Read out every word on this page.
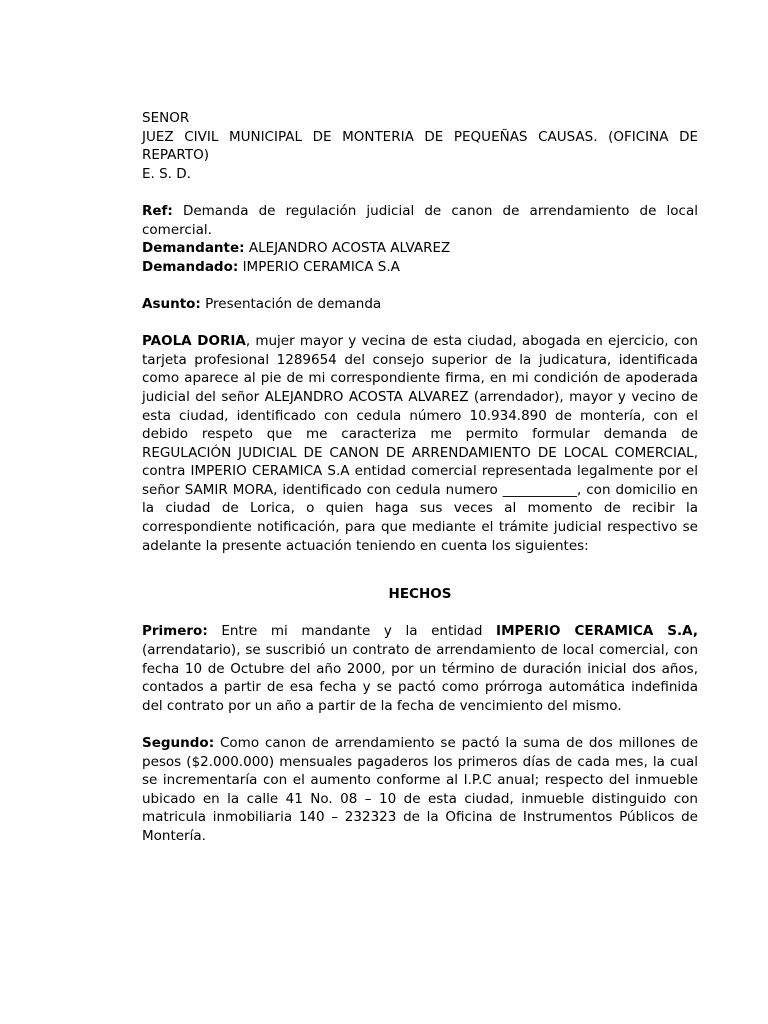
SENOR

JUEZ CIVIL MUNICIPAL DE MONTERIA DE PEQUEÑAS CAUSAS. (OFICINA DE REPARTO)

E. S. D.

Ref: Demanda de regulación judicial de canon de arrendamiento de local comercial.

Demandante: ALEJANDRO ACOSTA ALVAREZ

Demandado: IMPERIO CERAMICA S.A

Asunto: Presentación de demanda

PAOLA DORIA, mujer mayor y vecina de esta ciudad, abogada en ejercicio, con tarjeta profesional 1289654 del consejo superior de la judicatura, identificada como aparece al pie de mi correspondiente firma, en mi condición de apoderada judicial del señor ALEJANDRO ACOSTA ALVAREZ (arrendador), mayor y vecino de esta ciudad, identificado con cedula número 10.934.890 de montería, con el debido respeto que me caracteriza me permito formular demanda de REGULACIÓN JUDICIAL DE CANON DE ARRENDAMIENTO DE LOCAL COMERCIAL, contra IMPERIO CERAMICA S.A entidad comercial representada legalmente por el señor SAMIR MORA, identificado con cedula numero ___________, con domicilio en la ciudad de Lorica, o quien haga sus veces al momento de recibir la correspondiente notificación, para que mediante el trámite judicial respectivo se adelante la presente actuación teniendo en cuenta los siguientes:

HECHOS

Primero: Entre mi mandante y la entidad IMPERIO CERAMICA S.A, (arrendatario), se suscribió un contrato de arrendamiento de local comercial, con fecha 10 de Octubre del año 2000, por un término de duración inicial dos años, contados a partir de esa fecha y se pactó como prórroga automática indefinida del contrato por un año a partir de la fecha de vencimiento del mismo.

Segundo: Como canon de arrendamiento se pactó la suma de dos millones de pesos ($2.000.000) mensuales pagaderos los primeros días de cada mes, la cual se incrementaría con el aumento conforme al I.P.C anual; respecto del inmueble ubicado en la calle 41 No. 08 – 10 de esta ciudad, inmueble distinguido con matricula inmobiliaria 140 – 232323 de la Oficina de Instrumentos Públicos de Montería.
